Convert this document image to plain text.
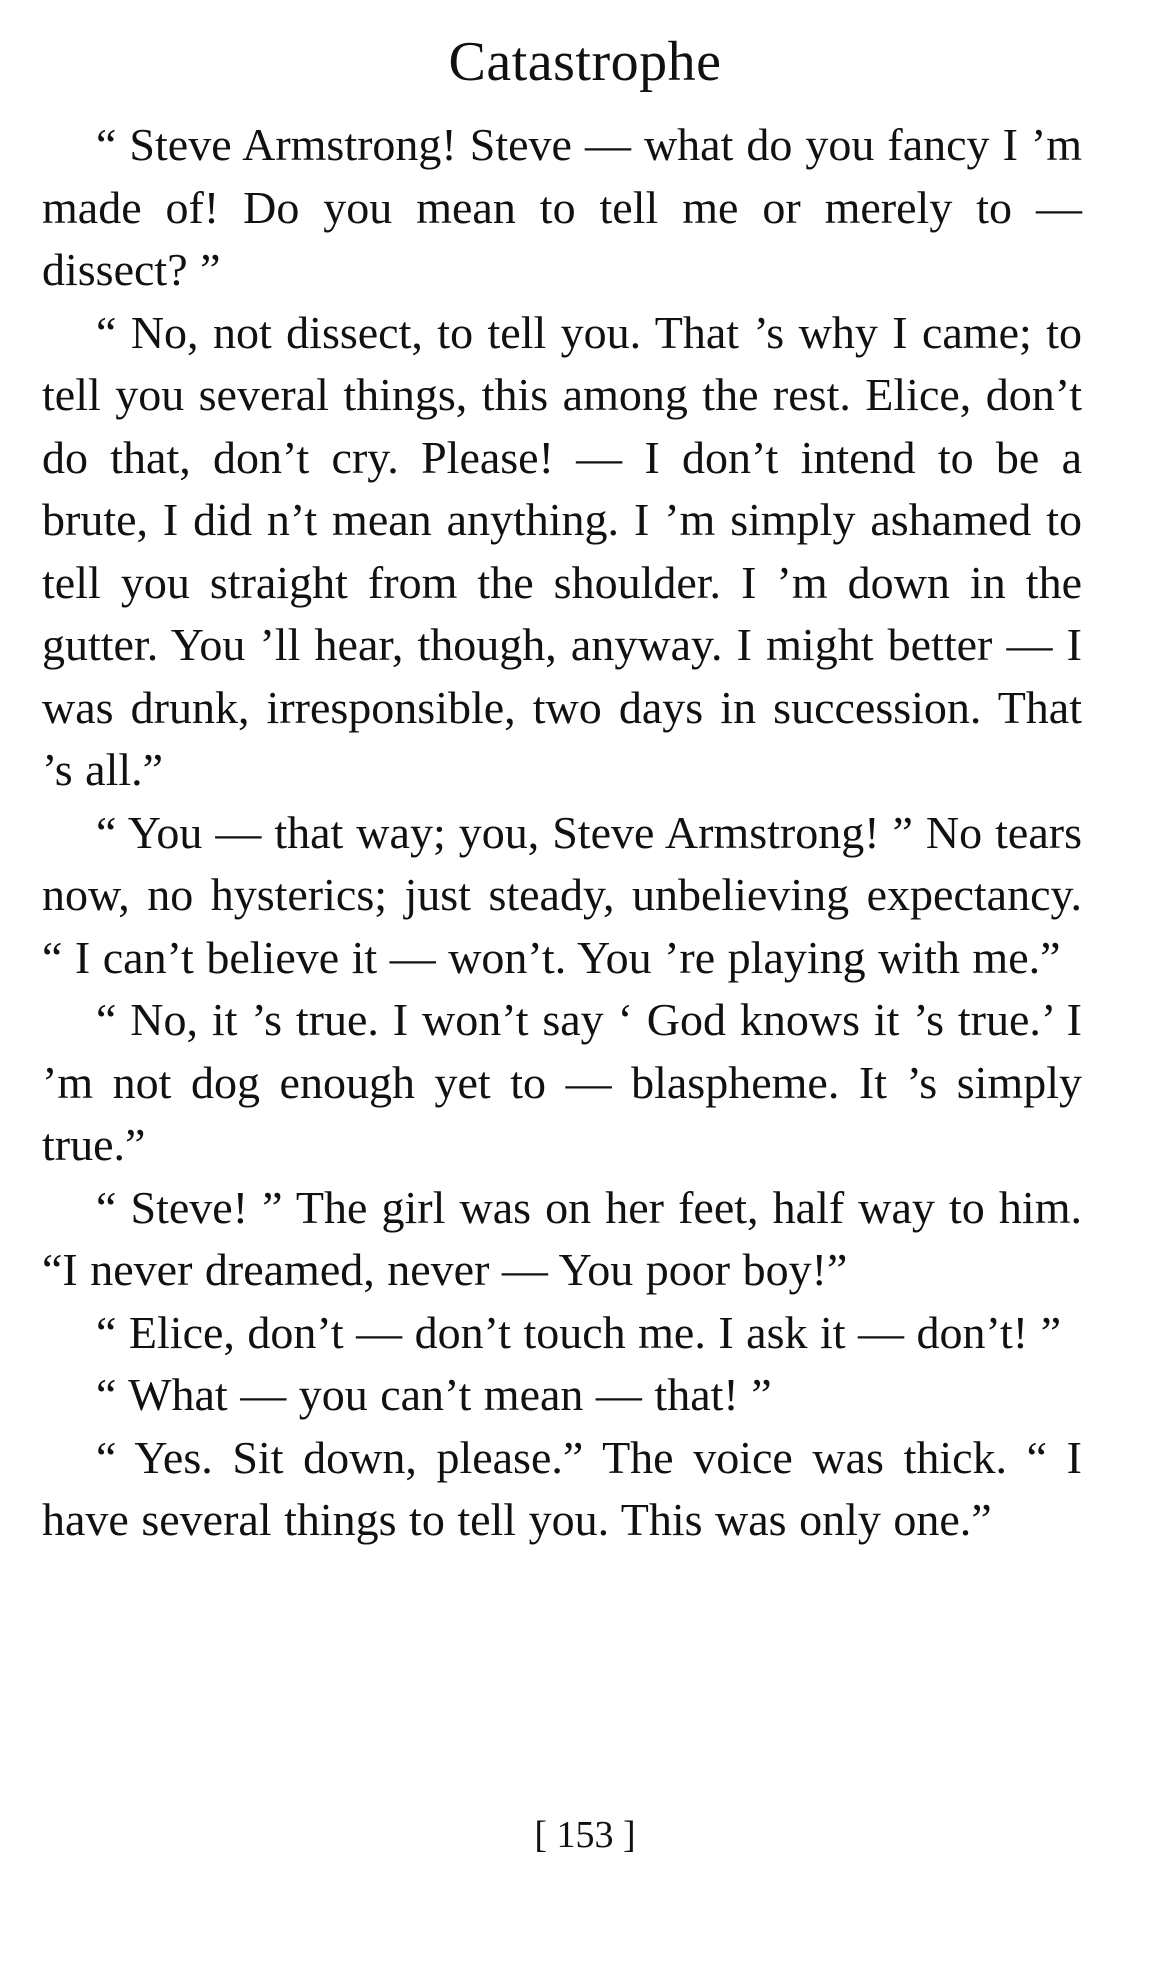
Catastrophe

“ Steve Armstrong! Steve — what do you fancy I ’m made of! Do you mean to tell me or merely to — dissect? ”

“ No, not dissect, to tell you. That ’s why I came; to tell you several things, this among the rest. Elice, don’t do that, don’t cry. Please! — I don’t intend to be a brute, I did n’t mean anything. I ’m simply ashamed to tell you straight from the shoulder. I ’m down in the gutter. You ’ll hear, though, anyway. I might better — I was drunk, irresponsible, two days in succession. That ’s all.”

“ You — that way; you, Steve Armstrong! ” No tears now, no hysterics; just steady, unbelieving expectancy. “ I can’t believe it — won’t. You ’re playing with me.”

“ No, it ’s true. I won’t say ‘ God knows it ’s true.’ I ’m not dog enough yet to — blaspheme. It ’s simply true.”

“ Steve! ” The girl was on her feet, half way to him. “I never dreamed, never — You poor boy!”

“ Elice, don’t — don’t touch me. I ask it — don’t! ”

“ What — you can’t mean — that! ”

“ Yes. Sit down, please.” The voice was thick. “ I have several things to tell you. This was only one.”

[ 153 ]
